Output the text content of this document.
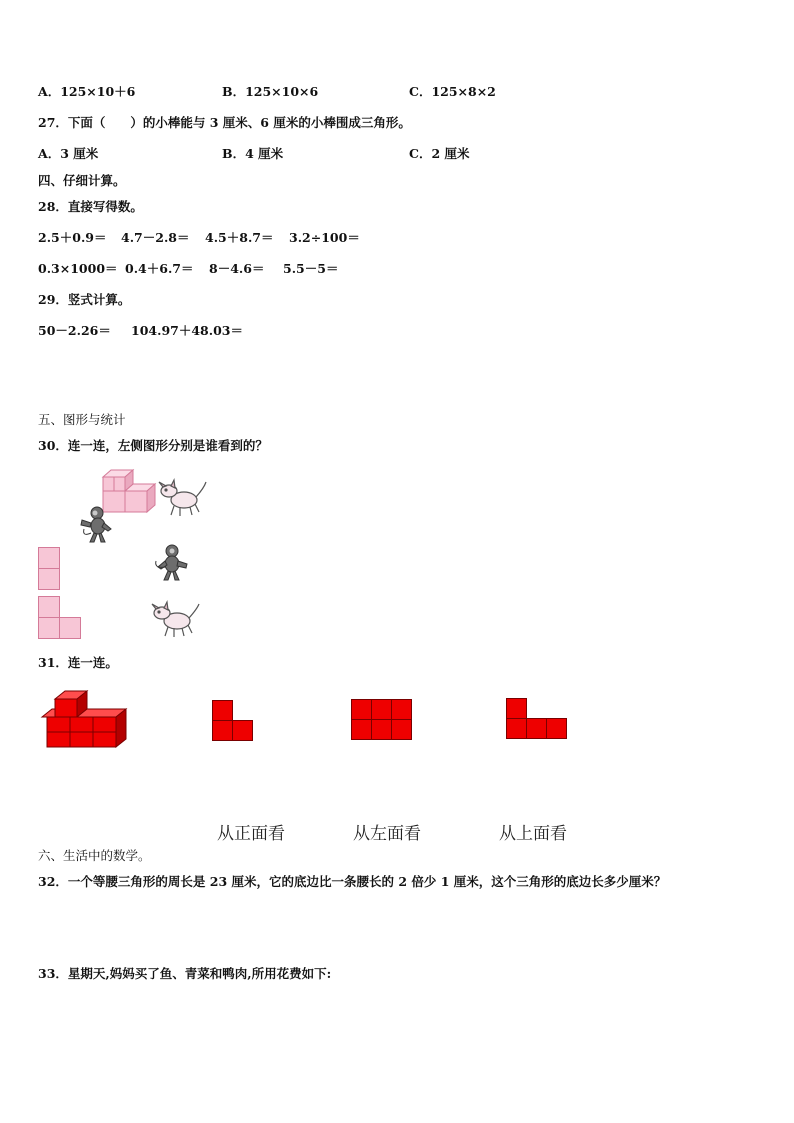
A．125×10＋6	B．125×10×6	C．125×8×2
27．下面（　　）的小棒能与 3 厘米、6 厘米的小棒围成三角形。
A．3 厘米	B．4 厘米	C．2 厘米
四、仔细计算。
28．直接写得数。
2.5＋0.9＝ 4.7－2.8＝ 4.5＋8.7＝ 3.2÷100＝
0.3×1000＝ 0.4＋6.7＝ 8－4.6＝ 5.5－5＝
29．竖式计算。
50－2.26＝ 104.97＋48.03＝
五、图形与统计
30．连一连，左侧图形分别是谁看到的？
31．连一连。
从正面看	从左面看	从上面看
六、生活中的数学。
32．一个等腰三角形的周长是 23 厘米，它的底边比一条腰长的 2 倍少 1 厘米，这个三角形的底边长多少厘米？
33．星期天,妈妈买了鱼、青菜和鸭肉,所用花费如下:
